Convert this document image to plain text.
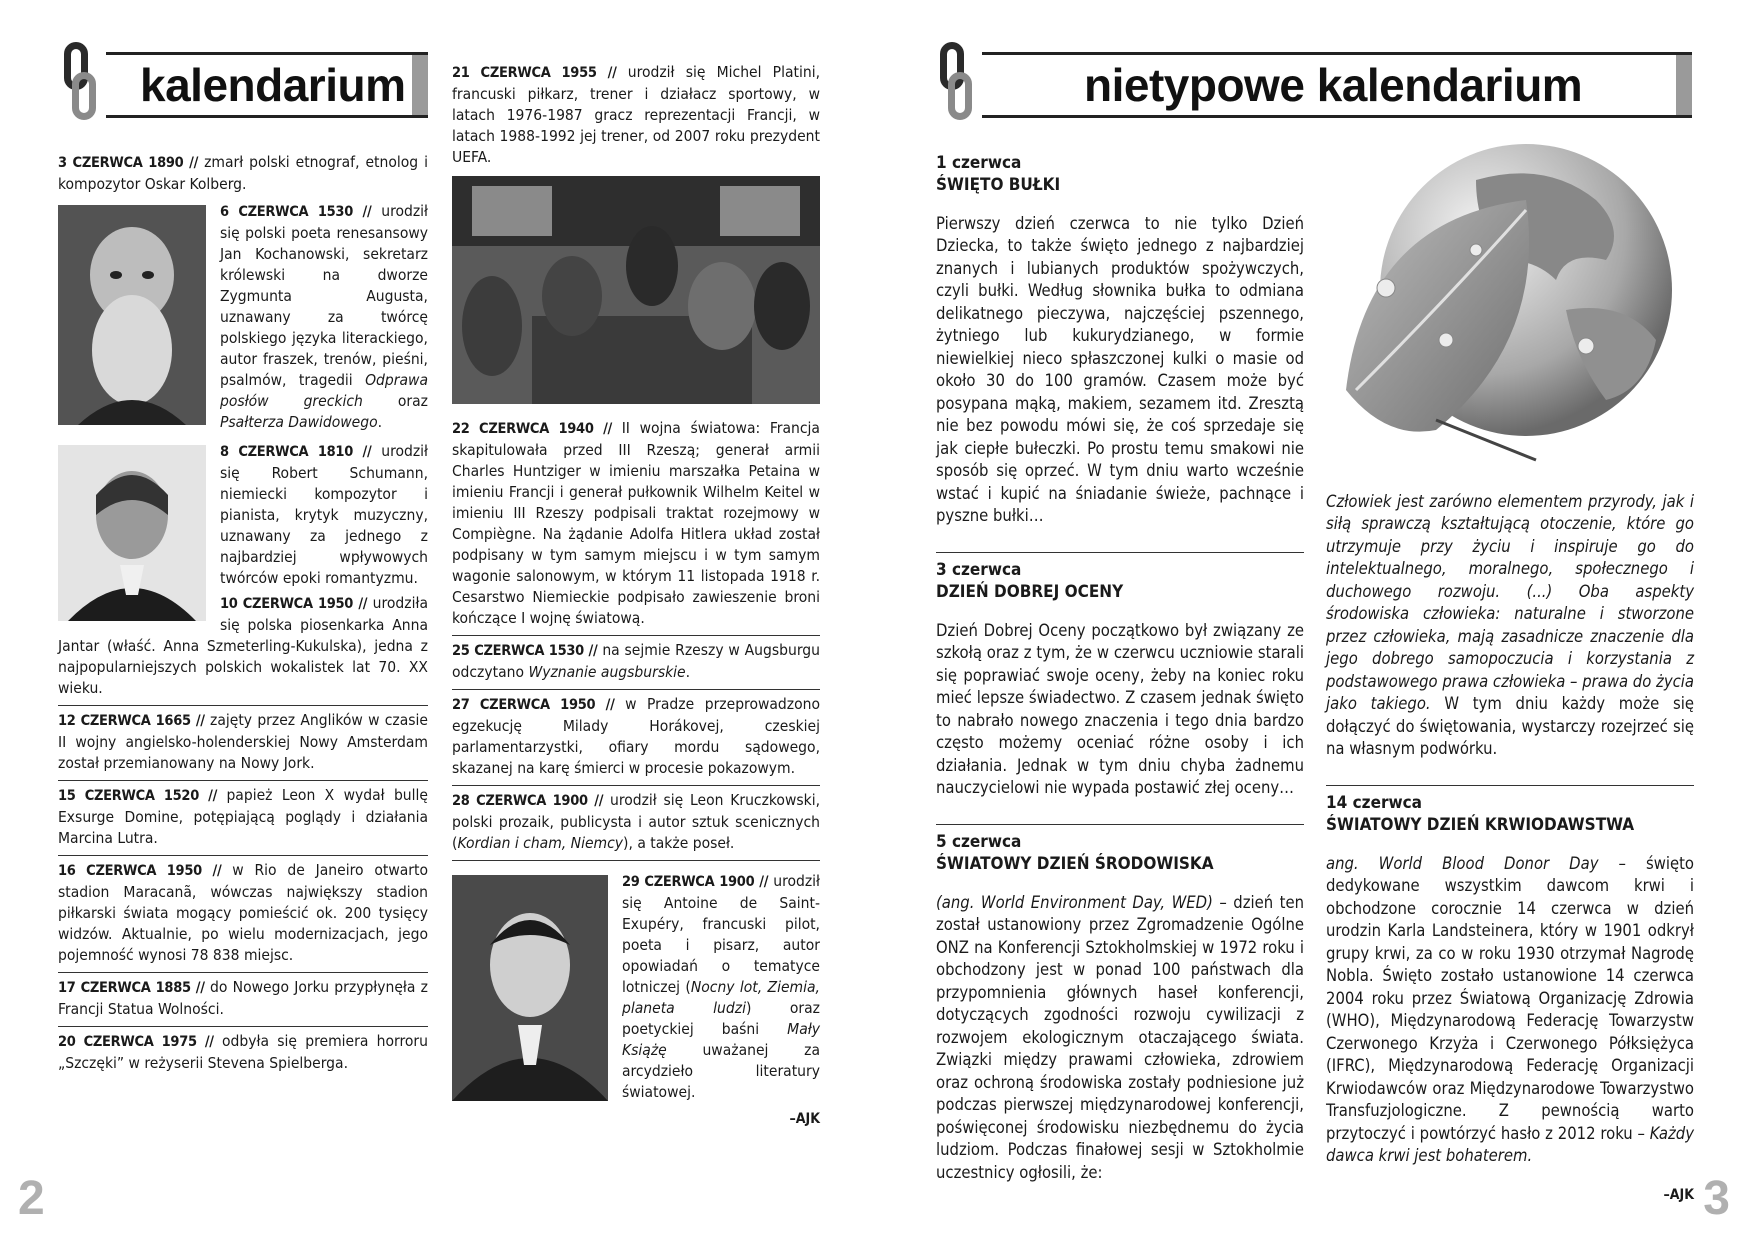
kalendarium
3 CZERWCA 1890 // zmarł polski etnograf, etnolog i kompozytor Oskar Kolberg.
6 CZERWCA 1530 // urodził się polski poeta renesansowy Jan Kochanowski, sekretarz królewski na dworze Zygmunta Augusta, uznawany za twórcę polskiego języka literackiego, autor fraszek, trenów, pieśni, psalmów, tragedii Odprawa posłów greckich oraz Psałterza Dawidowego.
8 CZERWCA 1810 // urodził się Robert Schumann, niemiecki kompozytor i pianista, krytyk muzyczny, uznawany za jednego z najbardziej wpływowych twórców epoki romantyzmu.
10 CZERWCA 1950 // urodziła się polska piosenkarka Anna Jantar (właść. Anna Szmeterling-Kukulska), jedna z najpopularniejszych polskich wokalistek lat 70. XX wieku.
12 CZERWCA 1665 // zajęty przez Anglików w czasie II wojny angielsko-holenderskiej Nowy Amsterdam został przemianowany na Nowy Jork.
15 CZERWCA 1520 // papież Leon X wydał bullę Exsurge Domine, potępiającą poglądy i działania Marcina Lutra.
16 CZERWCA 1950 // w Rio de Janeiro otwarto stadion Maracanã, wówczas największy stadion piłkarski świata mogący pomieścić ok. 200 tysięcy widzów. Aktualnie, po wielu modernizacjach, jego pojemność wynosi 78 838 miejsc.
17 CZERWCA 1885 // do Nowego Jorku przypłynęła z Francji Statua Wolności.
20 CZERWCA 1975 // odbyła się premiera horroru „Szczęki” w reżyserii Stevena Spielberga.
21 CZERWCA 1955 // urodził się Michel Platini, francuski piłkarz, trener i działacz sportowy, w latach 1976-1987 gracz reprezentacji Francji, w latach 1988-1992 jej trener, od 2007 roku prezydent UEFA.
22 CZERWCA 1940 // II wojna światowa: Francja skapitulowała przed III Rzeszą; generał armii Charles Huntziger w imieniu marszałka Petaina w imieniu Francji i generał pułkownik Wilhelm Keitel w imieniu III Rzeszy podpisali traktat rozejmowy w Compiègne. Na żądanie Adolfa Hitlera układ został podpisany w tym samym miejscu i w tym samym wagonie salonowym, w którym 11 listopada 1918 r. Cesarstwo Niemieckie podpisało zawieszenie broni kończące I wojnę światową.
25 CZERWCA 1530 // na sejmie Rzeszy w Augsburgu odczytano Wyznanie augsburskie.
27 CZERWCA 1950 // w Pradze przeprowadzono egzekucję Milady Horákovej, czeskiej parlamentarzystki, ofiary mordu sądowego, skazanej na karę śmierci w procesie pokazowym.
28 CZERWCA 1900 // urodził się Leon Kruczkowski, polski prozaik, publicysta i autor sztuk scenicznych (Kordian i cham, Niemcy), a także poseł.
29 CZERWCA 1900 // urodził się Antoine de Saint-Exupéry, francuski pilot, poeta i pisarz, autor opowiadań o tematyce lotniczej (Nocny lot, Ziemia, planeta ludzi) oraz poetyckiej baśni Mały Książę uważanej za arcydzieło literatury światowej.
–AJK
2
nietypowe kalendarium
1 czerwca
ŚWIĘTO BUŁKI

Pierwszy dzień czerwca to nie tylko Dzień Dziecka, to także święto jednego z najbardziej znanych i lubianych produktów spożywczych, czyli bułki. Według słownika bułka to odmiana delikatnego pieczywa, najczęściej pszennego, żytniego lub kukurydzianego, w formie niewielkiej nieco spłaszczonej kulki o masie od około 30 do 100 gramów. Czasem może być posypana mąką, makiem, sezamem itd. Zresztą nie bez powodu mówi się, że coś sprzedaje się jak ciepłe bułeczki. Po prostu temu smakowi nie sposób się oprzeć. W tym dniu warto wcześnie wstać i kupić na śniadanie świeże, pachnące i pyszne bułki…

3 czerwca
DZIEŃ DOBREJ OCENY

Dzień Dobrej Oceny początkowo był związany ze szkołą oraz z tym, że w czerwcu uczniowie starali się poprawiać swoje oceny, żeby na koniec roku mieć lepsze świadectwo. Z czasem jednak święto to nabrało nowego znaczenia i tego dnia bardzo często możemy oceniać różne osoby i ich działania. Jednak w tym dniu chyba żadnemu nauczycielowi nie wypada postawić złej oceny…

5 czerwca
ŚWIATOWY DZIEŃ ŚRODOWISKA

(ang. World Environment Day, WED) – dzień ten został ustanowiony przez Zgromadzenie Ogólne ONZ na Konferencji Sztokholmskiej w 1972 roku i obchodzony jest w ponad 100 państwach dla przypomnienia głównych haseł konferencji, dotyczących zgodności rozwoju cywilizacji z rozwojem ekologicznym otaczającego świata. Związki między prawami człowieka, zdrowiem oraz ochroną środowiska zostały podniesione już podczas pierwszej międzynarodowej konferencji, poświęconej środowisku niezbędnemu do życia ludziom. Podczas finałowej sesji w Sztokholmie uczestnicy ogłosili, że:

Człowiek jest zarówno elementem przyrody, jak i siłą sprawczą kształtującą otoczenie, które go utrzymuje przy życiu i inspiruje go do intelektualnego, moralnego, społecznego i duchowego rozwoju. (...) Oba aspekty środowiska człowieka: naturalne i stworzone przez człowieka, mają zasadnicze znaczenie dla jego dobrego samopoczucia i korzystania z podstawowego prawa człowieka – prawa do życia jako takiego. W tym dniu każdy może się dołączyć do świętowania, wystarczy rozejrzeć się na własnym podwórku.

14 czerwca
ŚWIATOWY DZIEŃ KRWIODAWSTWA

ang. World Blood Donor Day – święto dedykowane wszystkim dawcom krwi i obchodzone corocznie 14 czerwca w dzień urodzin Karla Landsteinera, który w 1901 odkrył grupy krwi, za co w roku 1930 otrzymał Nagrodę Nobla. Święto zostało ustanowione 14 czerwca 2004 roku przez Światową Organizację Zdrowia (WHO), Międzynarodową Federację Towarzystw Czerwonego Krzyża i Czerwonego Półksiężyca (IFRC), Międzynarodową Federację Organizacji Krwiodawców oraz Międzynarodowe Towarzystwo Transfuzjologiczne. Z pewnością warto przytoczyć i powtórzyć hasło z 2012 roku – Każdy dawca krwi jest bohaterem.

–AJK 3
